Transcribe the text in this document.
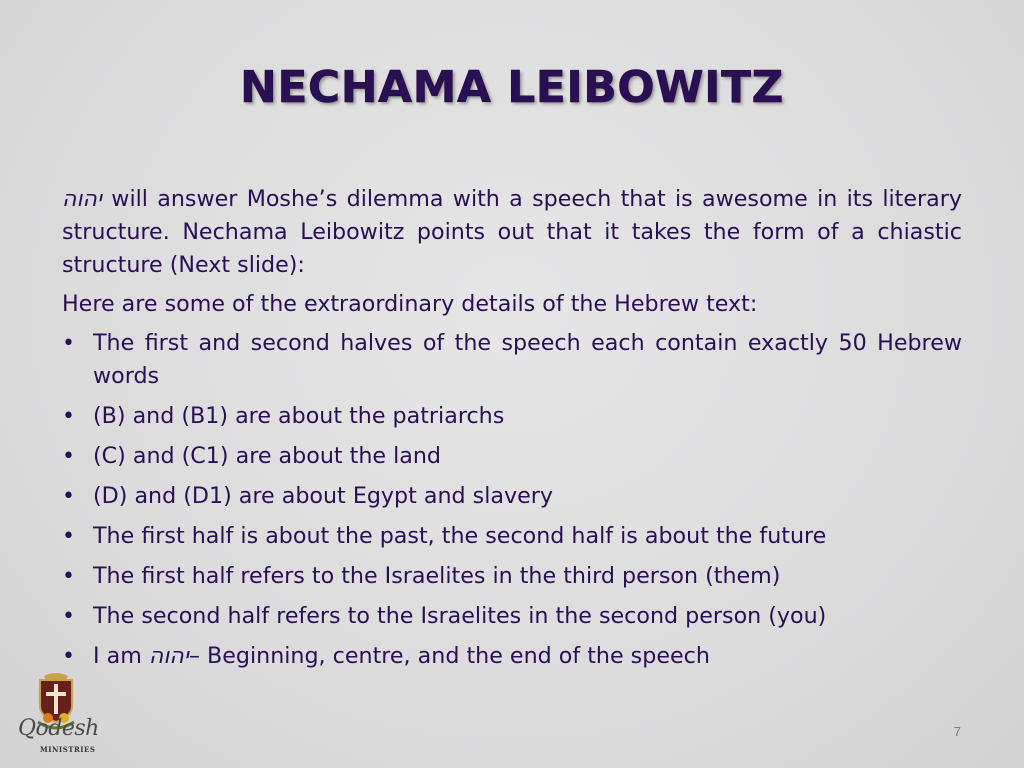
NECHAMA LEIBOWITZ

יהוה will answer Moshe’s dilemma with a speech that is awesome in its literary structure. Nechama Leibowitz points out that it takes the form of a chiastic structure (Next slide):

Here are some of the extraordinary details of the Hebrew text:

• The first and second halves of the speech each contain exactly 50 Hebrew words
• (B) and (B1) are about the patriarchs
• (C) and (C1) are about the land
• (D) and (D1) are about Egypt and slavery
• The first half is about the past, the second half is about the future
• The first half refers to the Israelites in the third person (them)
• The second half refers to the Israelites in the second person (you)
• I am יהוה– Beginning, centre, and the end of the speech
Qodesh
MINISTRIES
7
